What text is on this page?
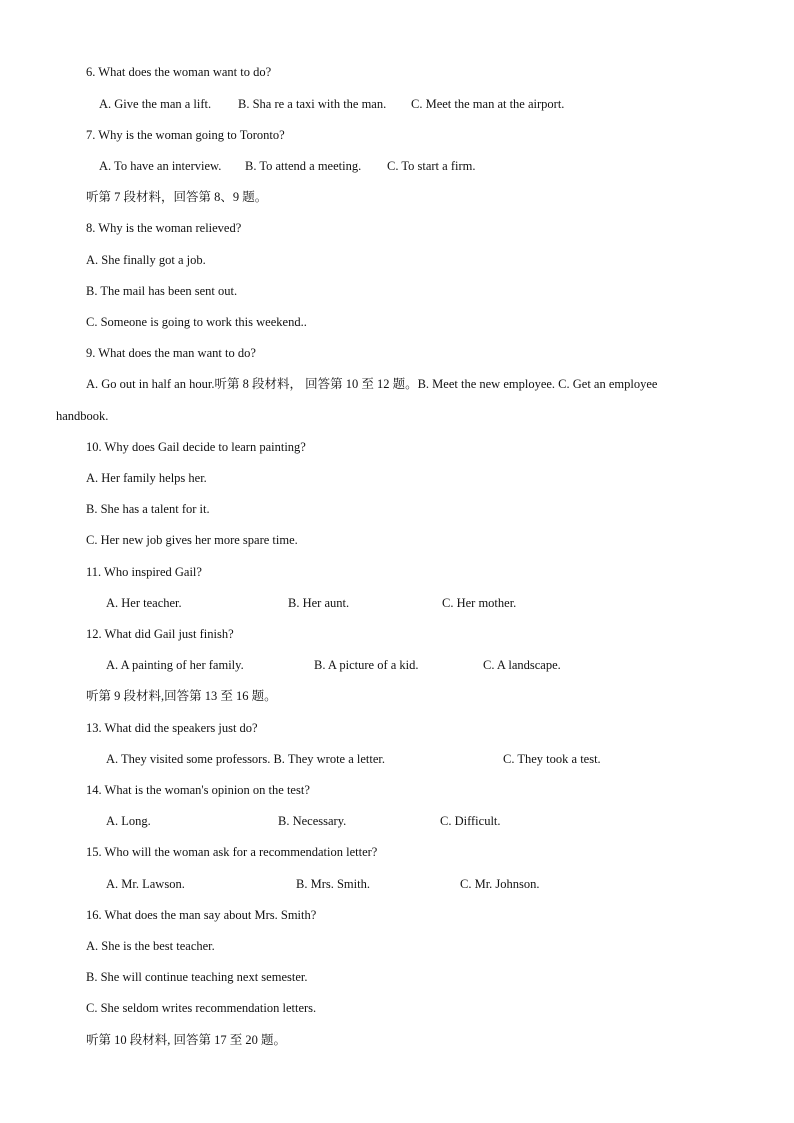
6. What does the woman want to do?
A. Give the man a lift. B. Sha re a taxi with the man. C. Meet the man at the airport.
7. Why is the woman going to Toronto?
A. To have an interview. B. To attend a meeting. C. To start a firm.
听第 7 段材料，回答第 8、9 题。
8. Why is the woman relieved?
A. She finally got a job.
B. The mail has been sent out.
C. Someone is going to work this weekend..
9. What does the man want to do?
A. Go out in half an hour.听第 8 段材料， 回答第 10 至 12 题。B. Meet the new employee. C. Get an employee
handbook.
10. Why does Gail decide to learn painting?
A. Her family helps her.
B. She has a talent for it.
C. Her new job gives her more spare time.
11. Who inspired Gail?
A. Her teacher.	B. Her aunt.	C. Her mother.
12. What did Gail just finish?
A. A painting of her family.	B. A picture of a kid.	C. A landscape.
听第 9 段材料,回答第 13 至 16 题。
13. What did the speakers just do?
A. They visited some professors. B. They wrote a letter.	C. They took a test.
14. What is the woman's opinion on the test?
A. Long.	B. Necessary.	C. Difficult.
15. Who will the woman ask for a recommendation letter?
A. Mr. Lawson.	B. Mrs. Smith.	C. Mr. Johnson.
16. What does the man say about Mrs. Smith?
A. She is the best teacher.
B. She will continue teaching next semester.
C. She seldom writes recommendation letters.
听第 10 段材料, 回答第 17 至 20 题。
